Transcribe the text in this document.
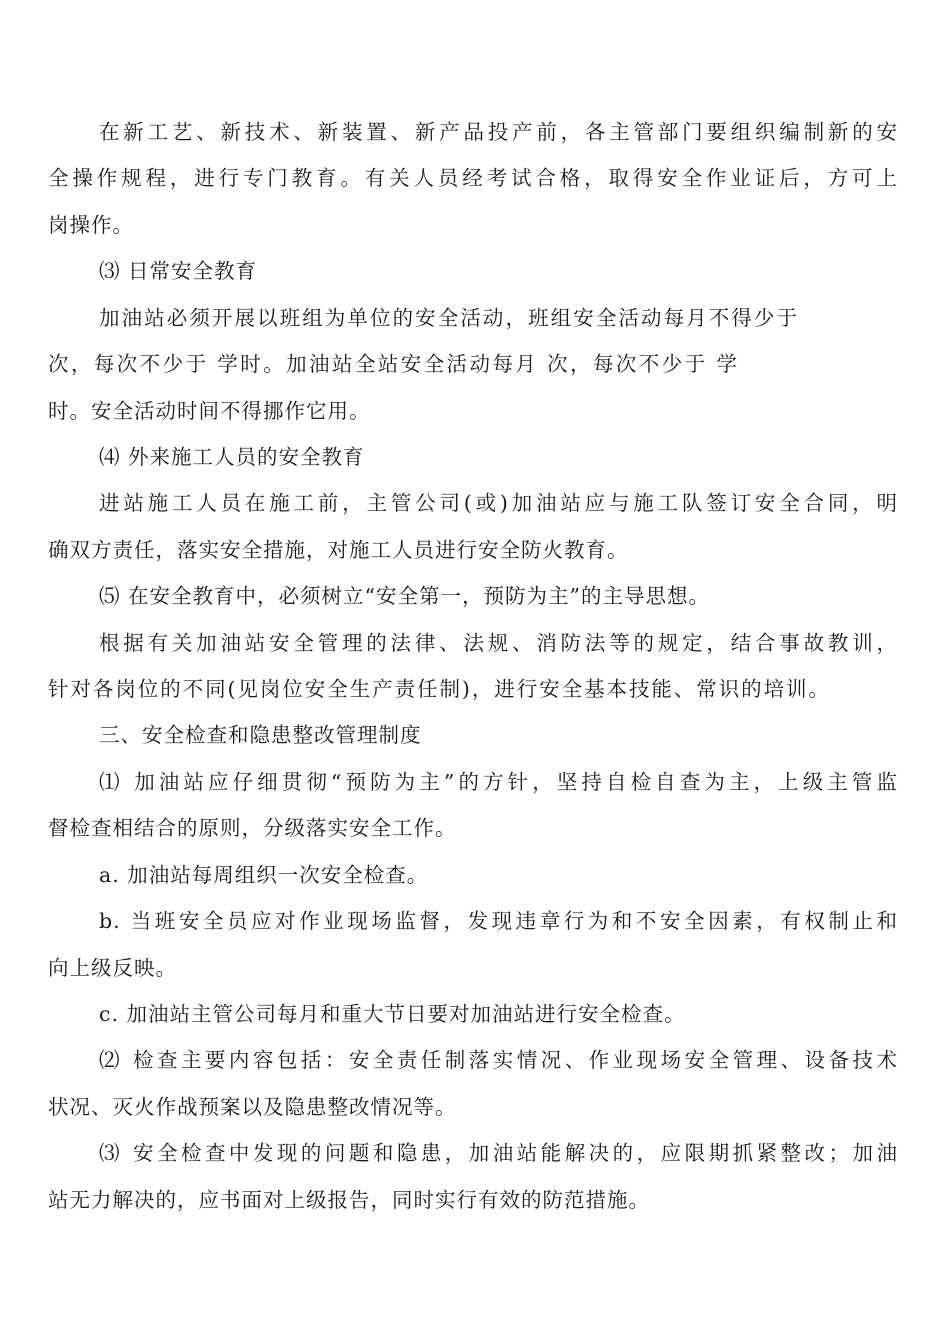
在新工艺、新技术、新装置、新产品投产前，各主管部门要组织编制新的安
全操作规程，进行专门教育。有关人员经考试合格，取得安全作业证后，方可上
岗操作。
⑶ 日常安全教育
加油站必须开展以班组为单位的安全活动，班组安全活动每月不得少于
次，每次不少于 学时。加油站全站安全活动每月 次，每次不少于 学
时。安全活动时间不得挪作它用。
⑷ 外来施工人员的安全教育
进站施工人员在施工前，主管公司(或)加油站应与施工队签订安全合同，明
确双方责任，落实安全措施，对施工人员进行安全防火教育。
⑸ 在安全教育中，必须树立“安全第一，预防为主”的主导思想。
根据有关加油站安全管理的法律、法规、消防法等的规定，结合事故教训，
针对各岗位的不同(见岗位安全生产责任制)，进行安全基本技能、常识的培训。
三、安全检查和隐患整改管理制度
⑴ 加油站应仔细贯彻“预防为主”的方针，坚持自检自查为主，上级主管监
督检查相结合的原则，分级落实安全工作。
a. 加油站每周组织一次安全检查。
b. 当班安全员应对作业现场监督，发现违章行为和不安全因素，有权制止和
向上级反映。
c. 加油站主管公司每月和重大节日要对加油站进行安全检查。
⑵ 检查主要内容包括：安全责任制落实情况、作业现场安全管理、设备技术
状况、灭火作战预案以及隐患整改情况等。
⑶ 安全检查中发现的问题和隐患，加油站能解决的，应限期抓紧整改；加油
站无力解决的，应书面对上级报告，同时实行有效的防范措施。
